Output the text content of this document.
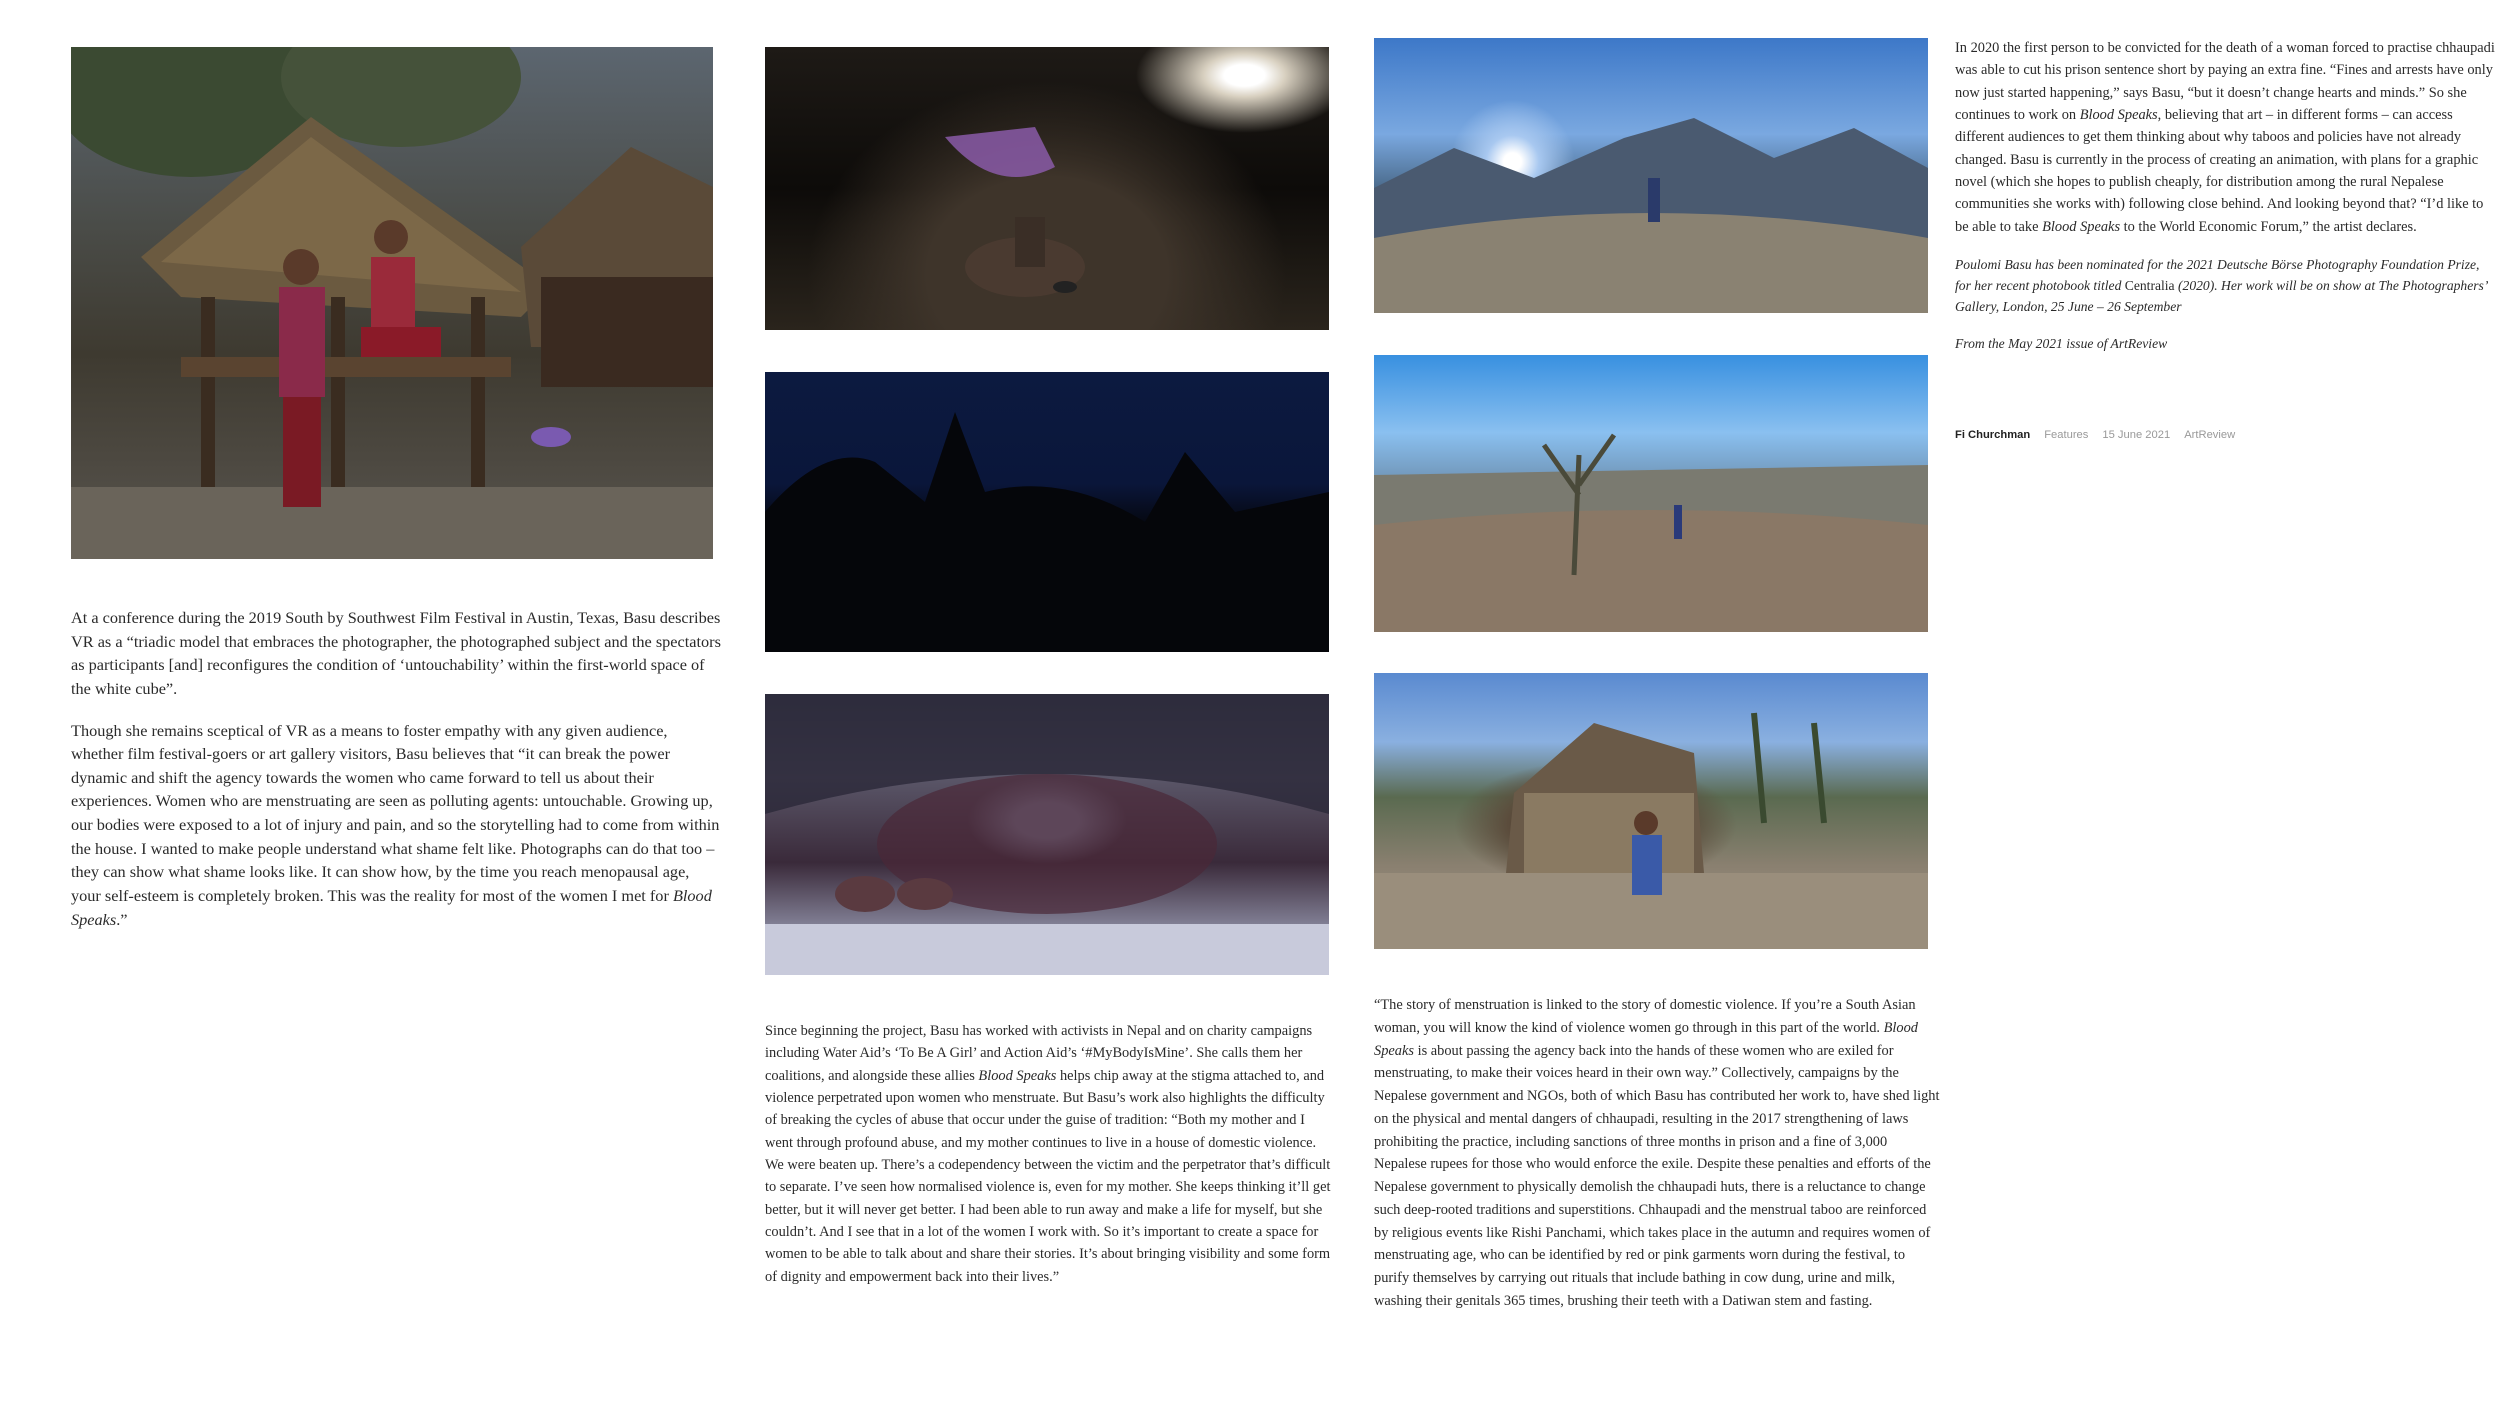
At a conference during the 2019 South by Southwest Film Festival in Austin, Texas, Basu describes VR as a “triadic model that embraces the photographer, the photographed subject and the spectators as participants [and] reconfigures the condition of ‘untouchability’ within the first-world space of the white cube”.

Though she remains sceptical of VR as a means to foster empathy with any given audience, whether film festival-goers or art gallery visitors, Basu believes that “it can break the power dynamic and shift the agency towards the women who came forward to tell us about their experiences. Women who are menstruating are seen as polluting agents: untouchable. Growing up, our bodies were exposed to a lot of injury and pain, and so the storytelling had to come from within the house. I wanted to make people understand what shame felt like. Photographs can do that too – they can show what shame looks like. It can show how, by the time you reach menopausal age, your self-esteem is completely broken. This was the reality for most of the women I met for Blood Speaks.”

Since beginning the project, Basu has worked with activists in Nepal and on charity campaigns including Water Aid’s ‘To Be A Girl’ and Action Aid’s ‘#MyBodyIsMine’. She calls them her coalitions, and alongside these allies Blood Speaks helps chip away at the stigma attached to, and violence perpetrated upon women who menstruate. But Basu’s work also highlights the difficulty of breaking the cycles of abuse that occur under the guise of tradition: “Both my mother and I went through profound abuse, and my mother continues to live in a house of domestic violence. We were beaten up. There’s a codependency between the victim and the perpetrator that’s difficult to separate. I’ve seen how normalised violence is, even for my mother. She keeps thinking it’ll get better, but it will never get better. I had been able to run away and make a life for myself, but she couldn’t. And I see that in a lot of the women I work with. So it’s important to create a space for women to be able to talk about and share their stories. It’s about bringing visibility and some form of dignity and empowerment back into their lives.”

“The story of menstruation is linked to the story of domestic violence. If you’re a South Asian woman, you will know the kind of violence women go through in this part of the world. Blood Speaks is about passing the agency back into the hands of these women who are exiled for menstruating, to make their voices heard in their own way.” Collectively, campaigns by the Nepalese government and NGOs, both of which Basu has contributed her work to, have shed light on the physical and mental dangers of chhaupadi, resulting in the 2017 strengthening of laws prohibiting the practice, including sanctions of three months in prison and a fine of 3,000 Nepalese rupees for those who would enforce the exile. Despite these penalties and efforts of the Nepalese government to physically demolish the chhaupadi huts, there is a reluctance to change such deep-rooted traditions and superstitions. Chhaupadi and the menstrual taboo are reinforced by religious events like Rishi Panchami, which takes place in the autumn and requires women of menstruating age, who can be identified by red or pink garments worn during the festival, to purify themselves by carrying out rituals that include bathing in cow dung, urine and milk, washing their genitals 365 times, brushing their teeth with a Datiwan stem and fasting.

In 2020 the first person to be convicted for the death of a woman forced to practise chhaupadi was able to cut his prison sentence short by paying an extra fine. “Fines and arrests have only now just started happening,” says Basu, “but it doesn’t change hearts and minds.” So she continues to work on Blood Speaks, believing that art – in different forms – can access different audiences to get them thinking about why taboos and policies have not already changed. Basu is currently in the process of creating an animation, with plans for a graphic novel (which she hopes to publish cheaply, for distribution among the rural Nepalese communities she works with) following close behind. And looking beyond that? “I’d like to be able to take Blood Speaks to the World Economic Forum,” the artist declares.

Poulomi Basu has been nominated for the 2021 Deutsche Börse Photography Foundation Prize, for her recent photobook titled Centralia (2020). Her work will be on show at The Photographers’ Gallery, London, 25 June – 26 September

From the May 2021 issue of ArtReview

Fi Churchman Features 15 June 2021 ArtReview
